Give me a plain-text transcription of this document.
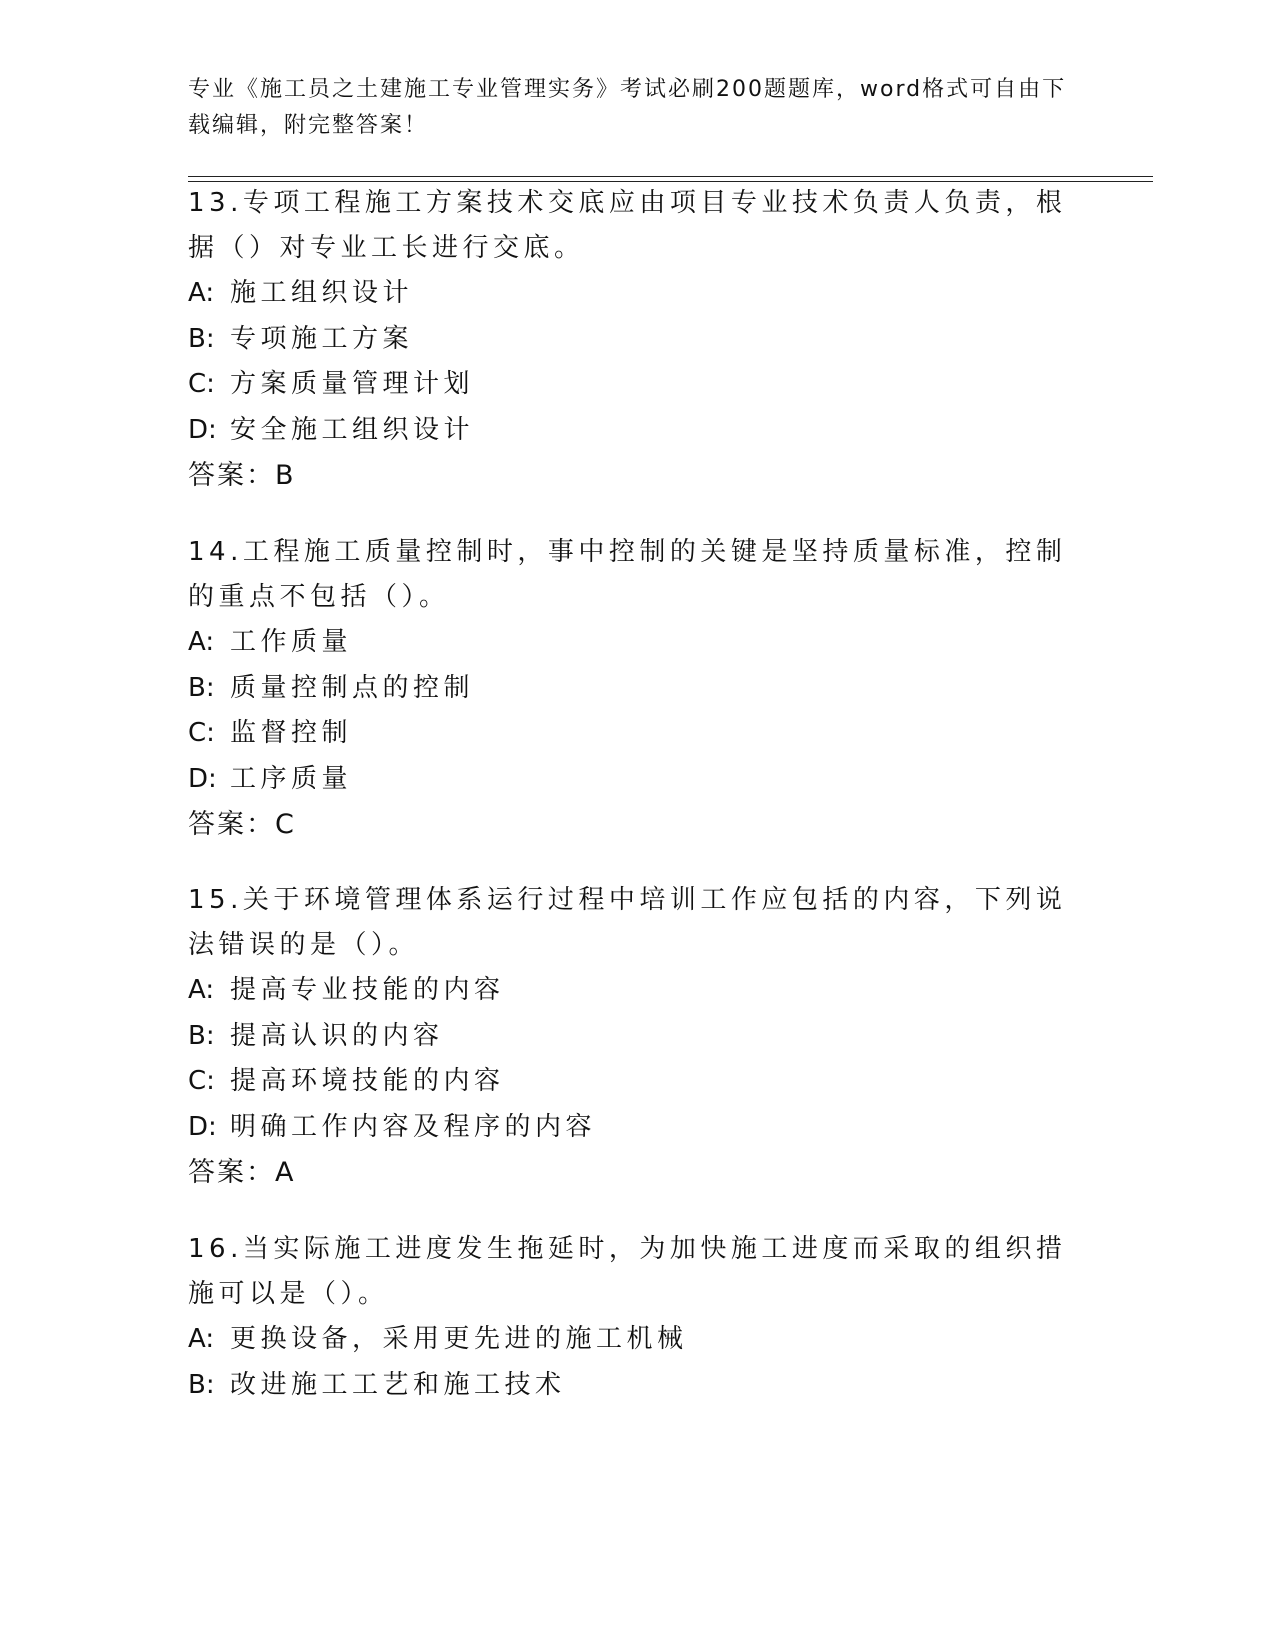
专业《施工员之土建施工专业管理实务》考试必刷200题题库，word格式可自由下载编辑，附完整答案！
13.专项工程施工方案技术交底应由项目专业技术负责人负责，根据（）对专业工长进行交底。
A: 施工组织设计
B: 专项施工方案
C: 方案质量管理计划
D: 安全施工组织设计
答案：B
14.工程施工质量控制时，事中控制的关键是坚持质量标准，控制的重点不包括（）。
A: 工作质量
B: 质量控制点的控制
C: 监督控制
D: 工序质量
答案：C
15.关于环境管理体系运行过程中培训工作应包括的内容，下列说法错误的是（）。
A: 提高专业技能的内容
B: 提高认识的内容
C: 提高环境技能的内容
D: 明确工作内容及程序的内容
答案：A
16.当实际施工进度发生拖延时，为加快施工进度而采取的组织措施可以是（）。
A: 更换设备，采用更先进的施工机械
B: 改进施工工艺和施工技术
